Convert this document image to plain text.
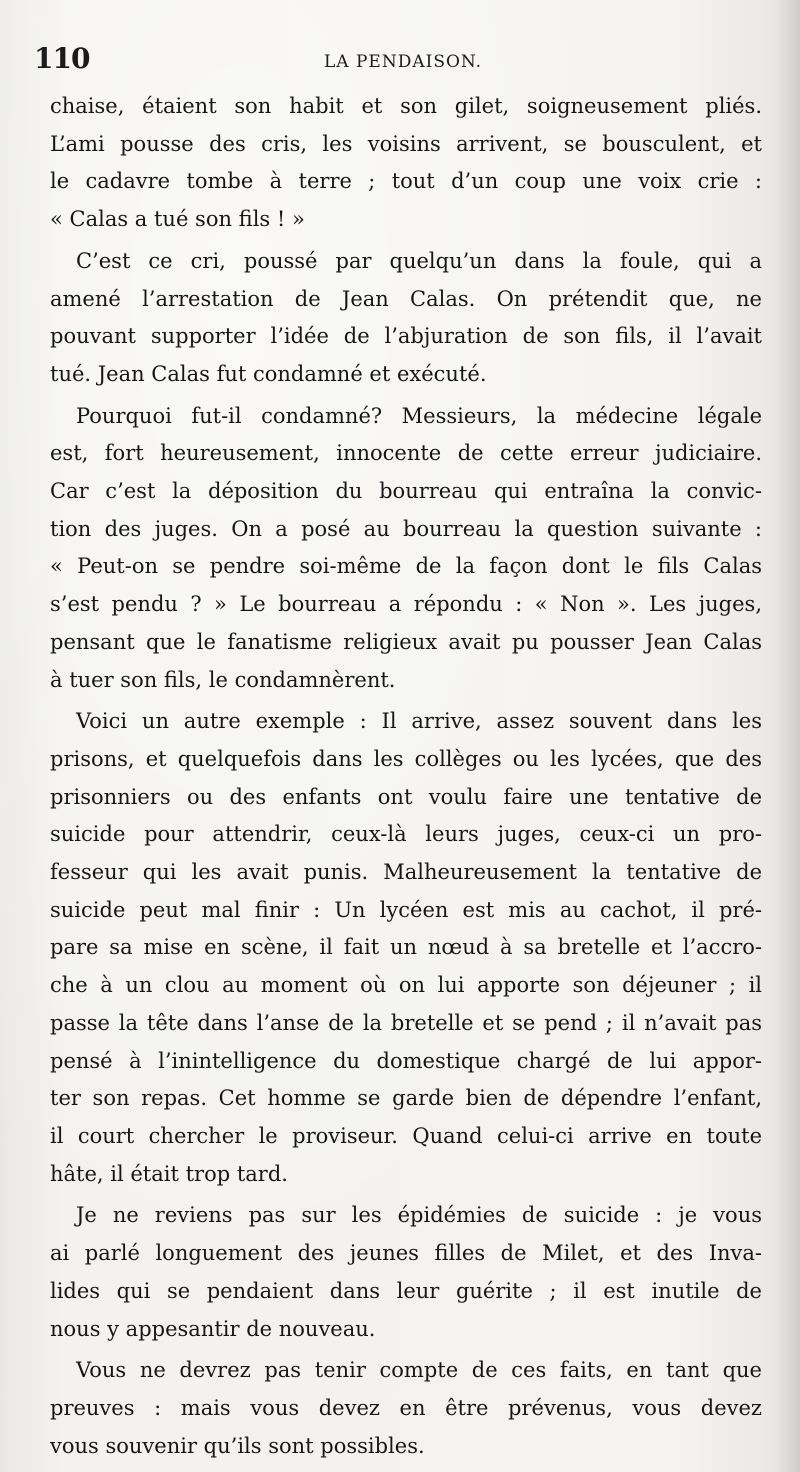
110	LA PENDAISON.
chaise, étaient son habit et son gilet, soigneusement pliés.
L’ami pousse des cris, les voisins arrivent, se bousculent, et
le cadavre tombe à terre ; tout d’un coup une voix crie :
« Calas a tué son fils ! »
C’est ce cri, poussé par quelqu’un dans la foule, qui a
amené l’arrestation de Jean Calas. On prétendit que, ne
pouvant supporter l’idée de l’abjuration de son fils, il l’avait
tué. Jean Calas fut condamné et exécuté.
Pourquoi fut-il condamné? Messieurs, la médecine légale
est, fort heureusement, innocente de cette erreur judiciaire.
Car c’est la déposition du bourreau qui entraîna la convic-
tion des juges. On a posé au bourreau la question suivante :
« Peut-on se pendre soi-même de la façon dont le fils Calas
s’est pendu ? » Le bourreau a répondu : « Non ». Les juges,
pensant que le fanatisme religieux avait pu pousser Jean Calas
à tuer son fils, le condamnèrent.
Voici un autre exemple : Il arrive, assez souvent dans les
prisons, et quelquefois dans les collèges ou les lycées, que des
prisonniers ou des enfants ont voulu faire une tentative de
suicide pour attendrir, ceux-là leurs juges, ceux-ci un pro-
fesseur qui les avait punis. Malheureusement la tentative de
suicide peut mal finir : Un lycéen est mis au cachot, il pré-
pare sa mise en scène, il fait un nœud à sa bretelle et l’accro-
che à un clou au moment où on lui apporte son déjeuner ; il
passe la tête dans l’anse de la bretelle et se pend ; il n’avait pas
pensé à l’inintelligence du domestique chargé de lui appor-
ter son repas. Cet homme se garde bien de dépendre l’enfant,
il court chercher le proviseur. Quand celui-ci arrive en toute
hâte, il était trop tard.
Je ne reviens pas sur les épidémies de suicide : je vous
ai parlé longuement des jeunes filles de Milet, et des Inva-
lides qui se pendaient dans leur guérite ; il est inutile de
nous y appesantir de nouveau.
Vous ne devrez pas tenir compte de ces faits, en tant que
preuves : mais vous devez en être prévenus, vous devez
vous souvenir qu’ils sont possibles.
